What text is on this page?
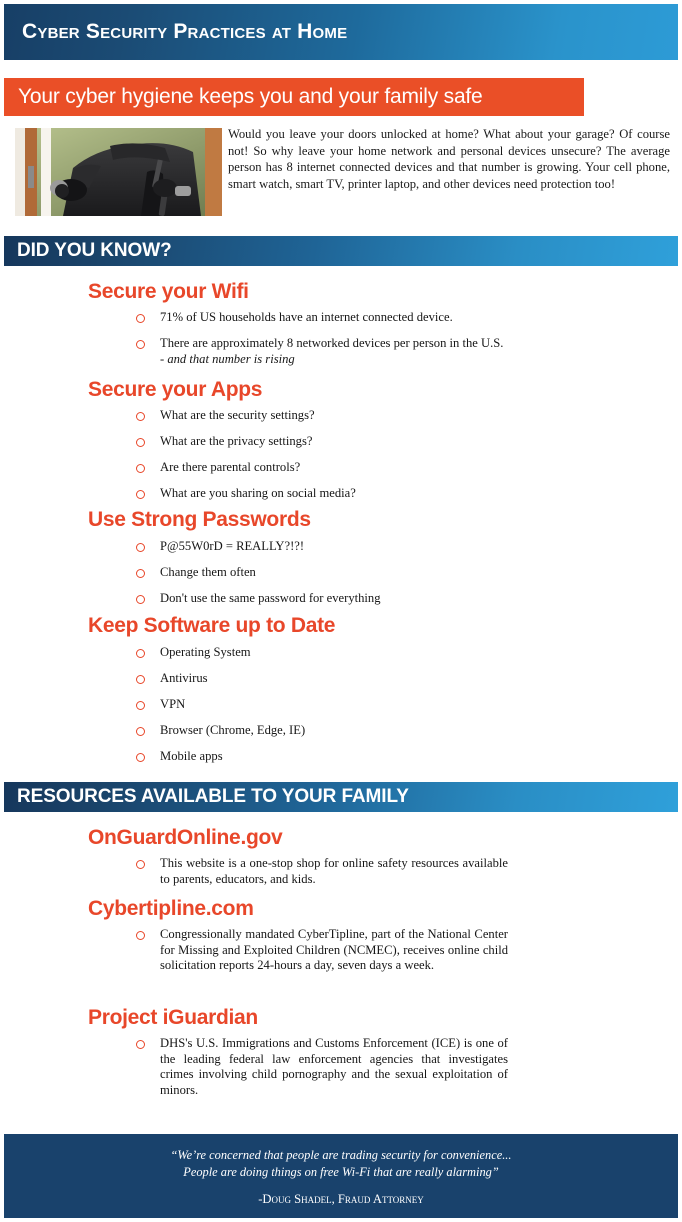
Cyber Security Practices at Home
Your cyber hygiene keeps you and your family safe
Would you leave your doors unlocked at home? What about your garage? Of course not! So why leave your home network and personal devices unsecure? The average person has 8 internet connected devices and that number is growing. Your cell phone, smart watch, smart TV, printer laptop, and other devices need protection too!
DID YOU KNOW?
Secure your Wifi
71% of US households have an internet connected device.
There are approximately 8 networked devices per person in the U.S.
- and that number is rising
Secure your Apps
What are the security settings?
What are the privacy settings?
Are there parental controls?
What are you sharing on social media?
Use Strong Passwords
P@55W0rD = REALLY?!?!
Change them often
Don't use the same password for everything
Keep Software up to Date
Operating System
Antivirus
VPN
Browser (Chrome, Edge, IE)
Mobile apps
RESOURCES AVAILABLE TO YOUR FAMILY
OnGuardOnline.gov
This website is a one-stop shop for online safety resources available to parents, educators, and kids.
Cybertipline.com
Congressionally mandated CyberTipline, part of the National Center for Missing and Exploited Children (NCMEC), receives online child solicitation reports 24-hours a day, seven days a week.
Project iGuardian
DHS's U.S. Immigrations and Customs Enforcement (ICE) is one of the leading federal law enforcement agencies that investigates crimes involving child pornography and the sexual exploitation of minors.
“We’re concerned that people are trading security for convenience...
People are doing things on free Wi-Fi that are really alarming”
-Doug Shadel, Fraud Attorney
